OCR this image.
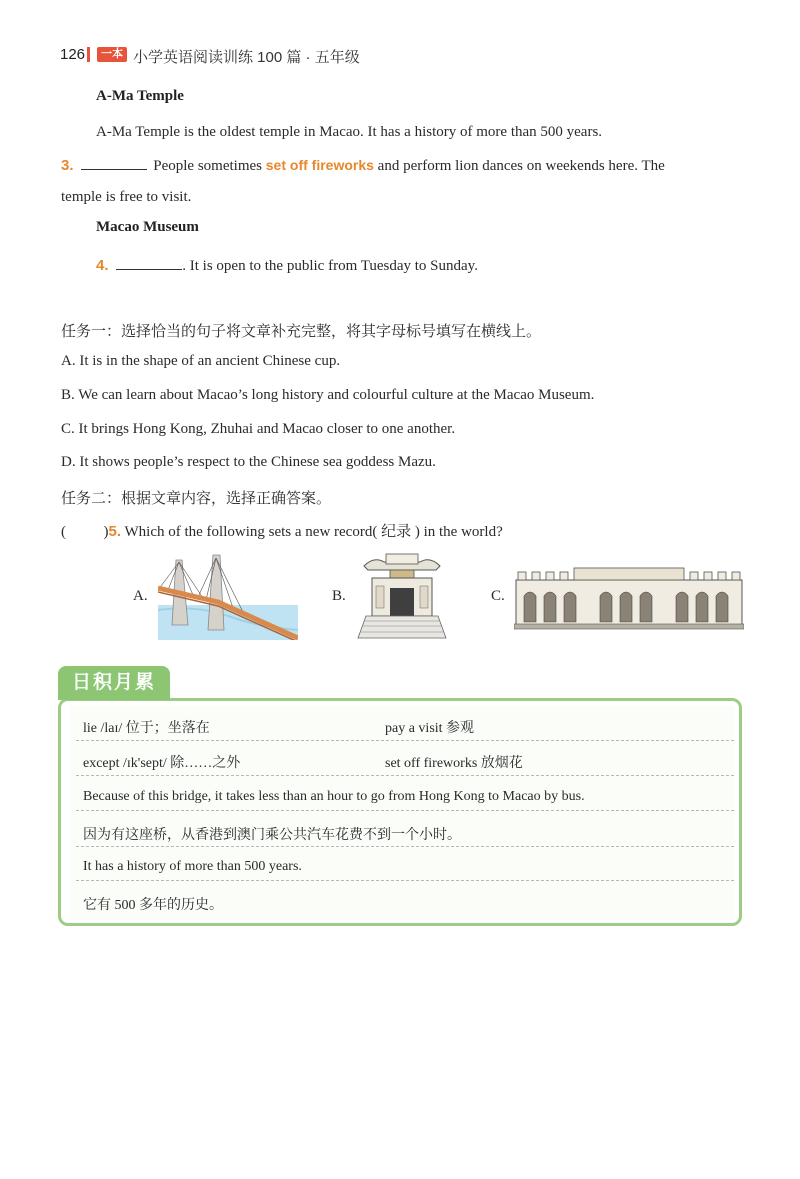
126	一本 小学英语阅读训练 100 篇 · 五年级
A-Ma Temple
A-Ma Temple is the oldest temple in Macao. It has a history of more than 500 years.
3.	People sometimes set off fireworks and perform lion dances on weekends here. The
temple is free to visit.
Macao Museum
4.	. It is open to the public from Tuesday to Sunday.
任务一：选择恰当的句子将文章补充完整，将其字母标号填写在横线上。
A. It is in the shape of an ancient Chinese cup.
B. We can learn about Macao’s long history and colourful culture at the Macao Museum.
C. It brings Hong Kong, Zhuhai and Macao closer to one another.
D. It shows people’s respect to the Chinese sea goddess Mazu.
任务二：根据文章内容，选择正确答案。
(	)5. Which of the following sets a new record( 纪录 ) in the world?
A.	B.	C.
日积月累
lie /laɪ/ 位于；坐落在	pay a visit 参观
except /ɪk'sept/ 除……之外	set off fireworks 放烟花
Because of this bridge, it takes less than an hour to go from Hong Kong to Macao by bus.
因为有这座桥，从香港到澳门乘公共汽车花费不到一个小时。
It has a history of more than 500 years.
它有 500 多年的历史。
